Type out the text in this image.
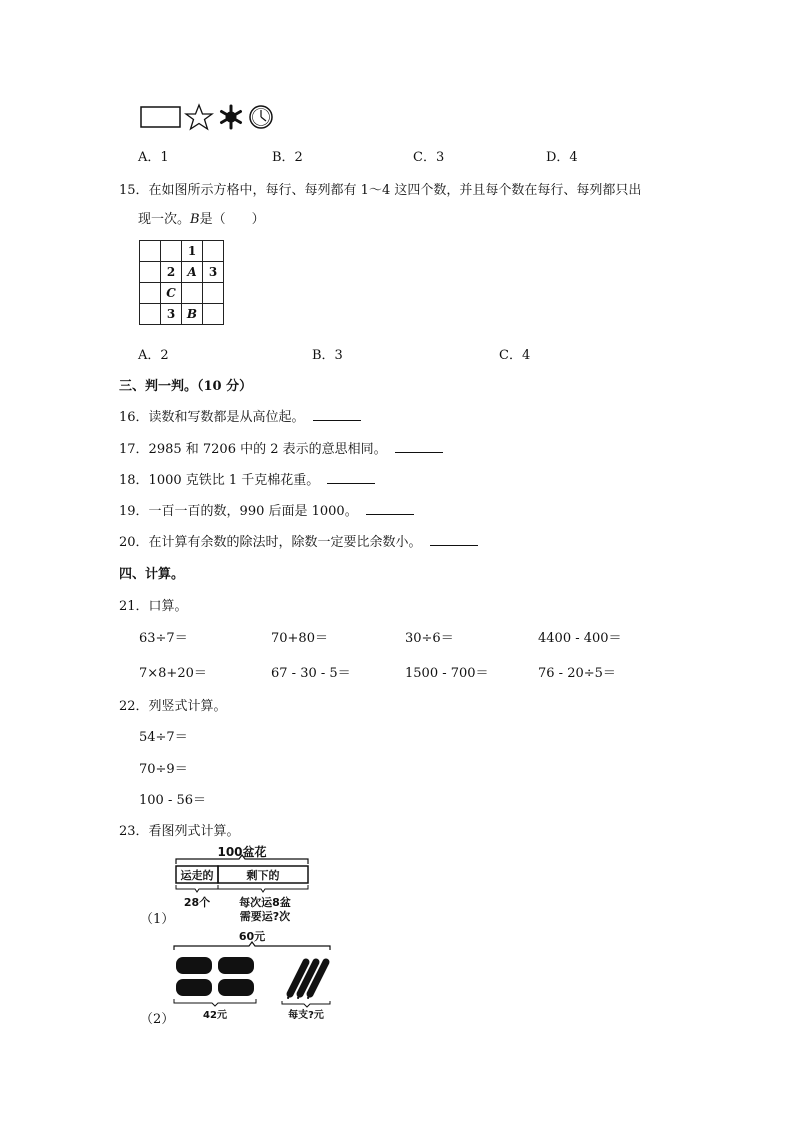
A．1	B．2	C．3	D．4
15．在如图所示方格中，每行、每列都有 1～4 这四个数，并且每个数在每行、每列都只出
现一次。B是（　　）
		1	
	2	A	3
	C		
	3	B	
A．2	B．3	C．4
三、判一判。（10 分）
16．读数和写数都是从高位起。
17．2985 和 7206 中的 2 表示的意思相同。
18．1000 克铁比 1 千克棉花重。
19．一百一百的数，990 后面是 1000。
20．在计算有余数的除法时，除数一定要比余数小。
四、计算。
21．口算。
63÷7＝	70+80＝	30÷6＝	4400 - 400＝
7×8+20＝	67 - 30 - 5＝	1500 - 700＝	76 - 20÷5＝
22．列竖式计算。
54÷7＝
70÷9＝
100 - 56＝
23．看图列式计算。
100盆花
运走的	剩下的
28个	每次运8盆
需要运?次
（1）
60元
42元	每支?元
（2）
